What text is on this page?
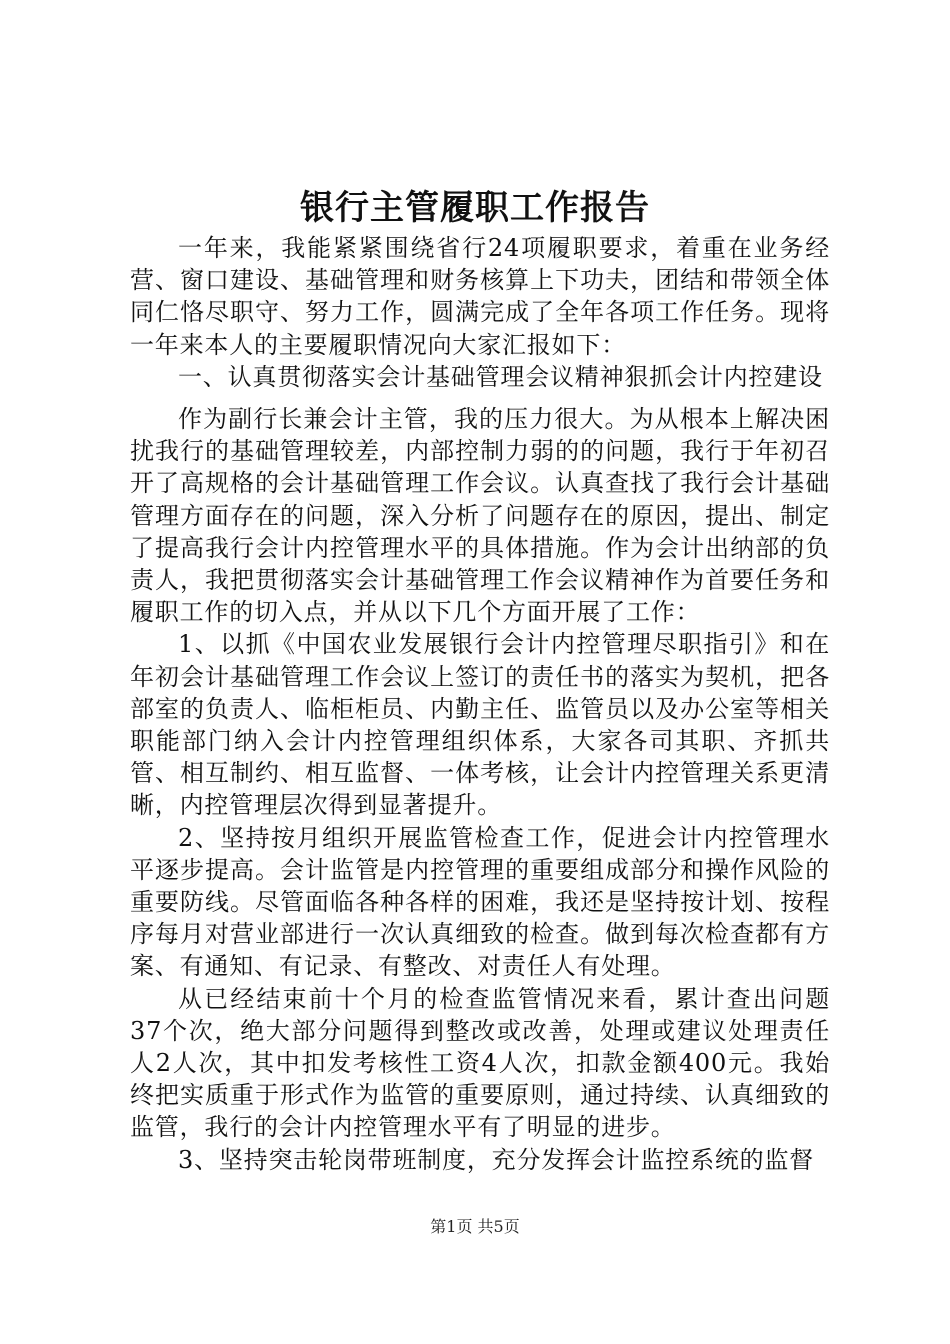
银行主管履职工作报告

一年来，我能紧紧围绕省行24项履职要求，着重在业务经营、窗口建设、基础管理和财务核算上下功夫，团结和带领全体同仁恪尽职守、努力工作，圆满完成了全年各项工作任务。现将一年来本人的主要履职情况向大家汇报如下：

一、认真贯彻落实会计基础管理会议精神狠抓会计内控建设

作为副行长兼会计主管，我的压力很大。为从根本上解决困扰我行的基础管理较差，内部控制力弱的的问题，我行于年初召开了高规格的会计基础管理工作会议。认真查找了我行会计基础管理方面存在的问题，深入分析了问题存在的原因，提出、制定了提高我行会计内控管理水平的具体措施。作为会计出纳部的负责人，我把贯彻落实会计基础管理工作会议精神作为首要任务和履职工作的切入点，并从以下几个方面开展了工作：

1、以抓《中国农业发展银行会计内控管理尽职指引》和在年初会计基础管理工作会议上签订的责任书的落实为契机，把各部室的负责人、临柜柜员、内勤主任、监管员以及办公室等相关职能部门纳入会计内控管理组织体系，大家各司其职、齐抓共管、相互制约、相互监督、一体考核，让会计内控管理关系更清晰，内控管理层次得到显著提升。

2、坚持按月组织开展监管检查工作，促进会计内控管理水平逐步提高。会计监管是内控管理的重要组成部分和操作风险的重要防线。尽管面临各种各样的困难，我还是坚持按计划、按程序每月对营业部进行一次认真细致的检查。做到每次检查都有方案、有通知、有记录、有整改、对责任人有处理。

从已经结束前十个月的检查监管情况来看，累计查出问题37个次，绝大部分问题得到整改或改善，处理或建议处理责任人2人次，其中扣发考核性工资4人次，扣款金额400元。我始终把实质重于形式作为监管的重要原则，通过持续、认真细致的监管，我行的会计内控管理水平有了明显的进步。

3、坚持突击轮岗带班制度，充分发挥会计监控系统的监督

第1页 共5页
